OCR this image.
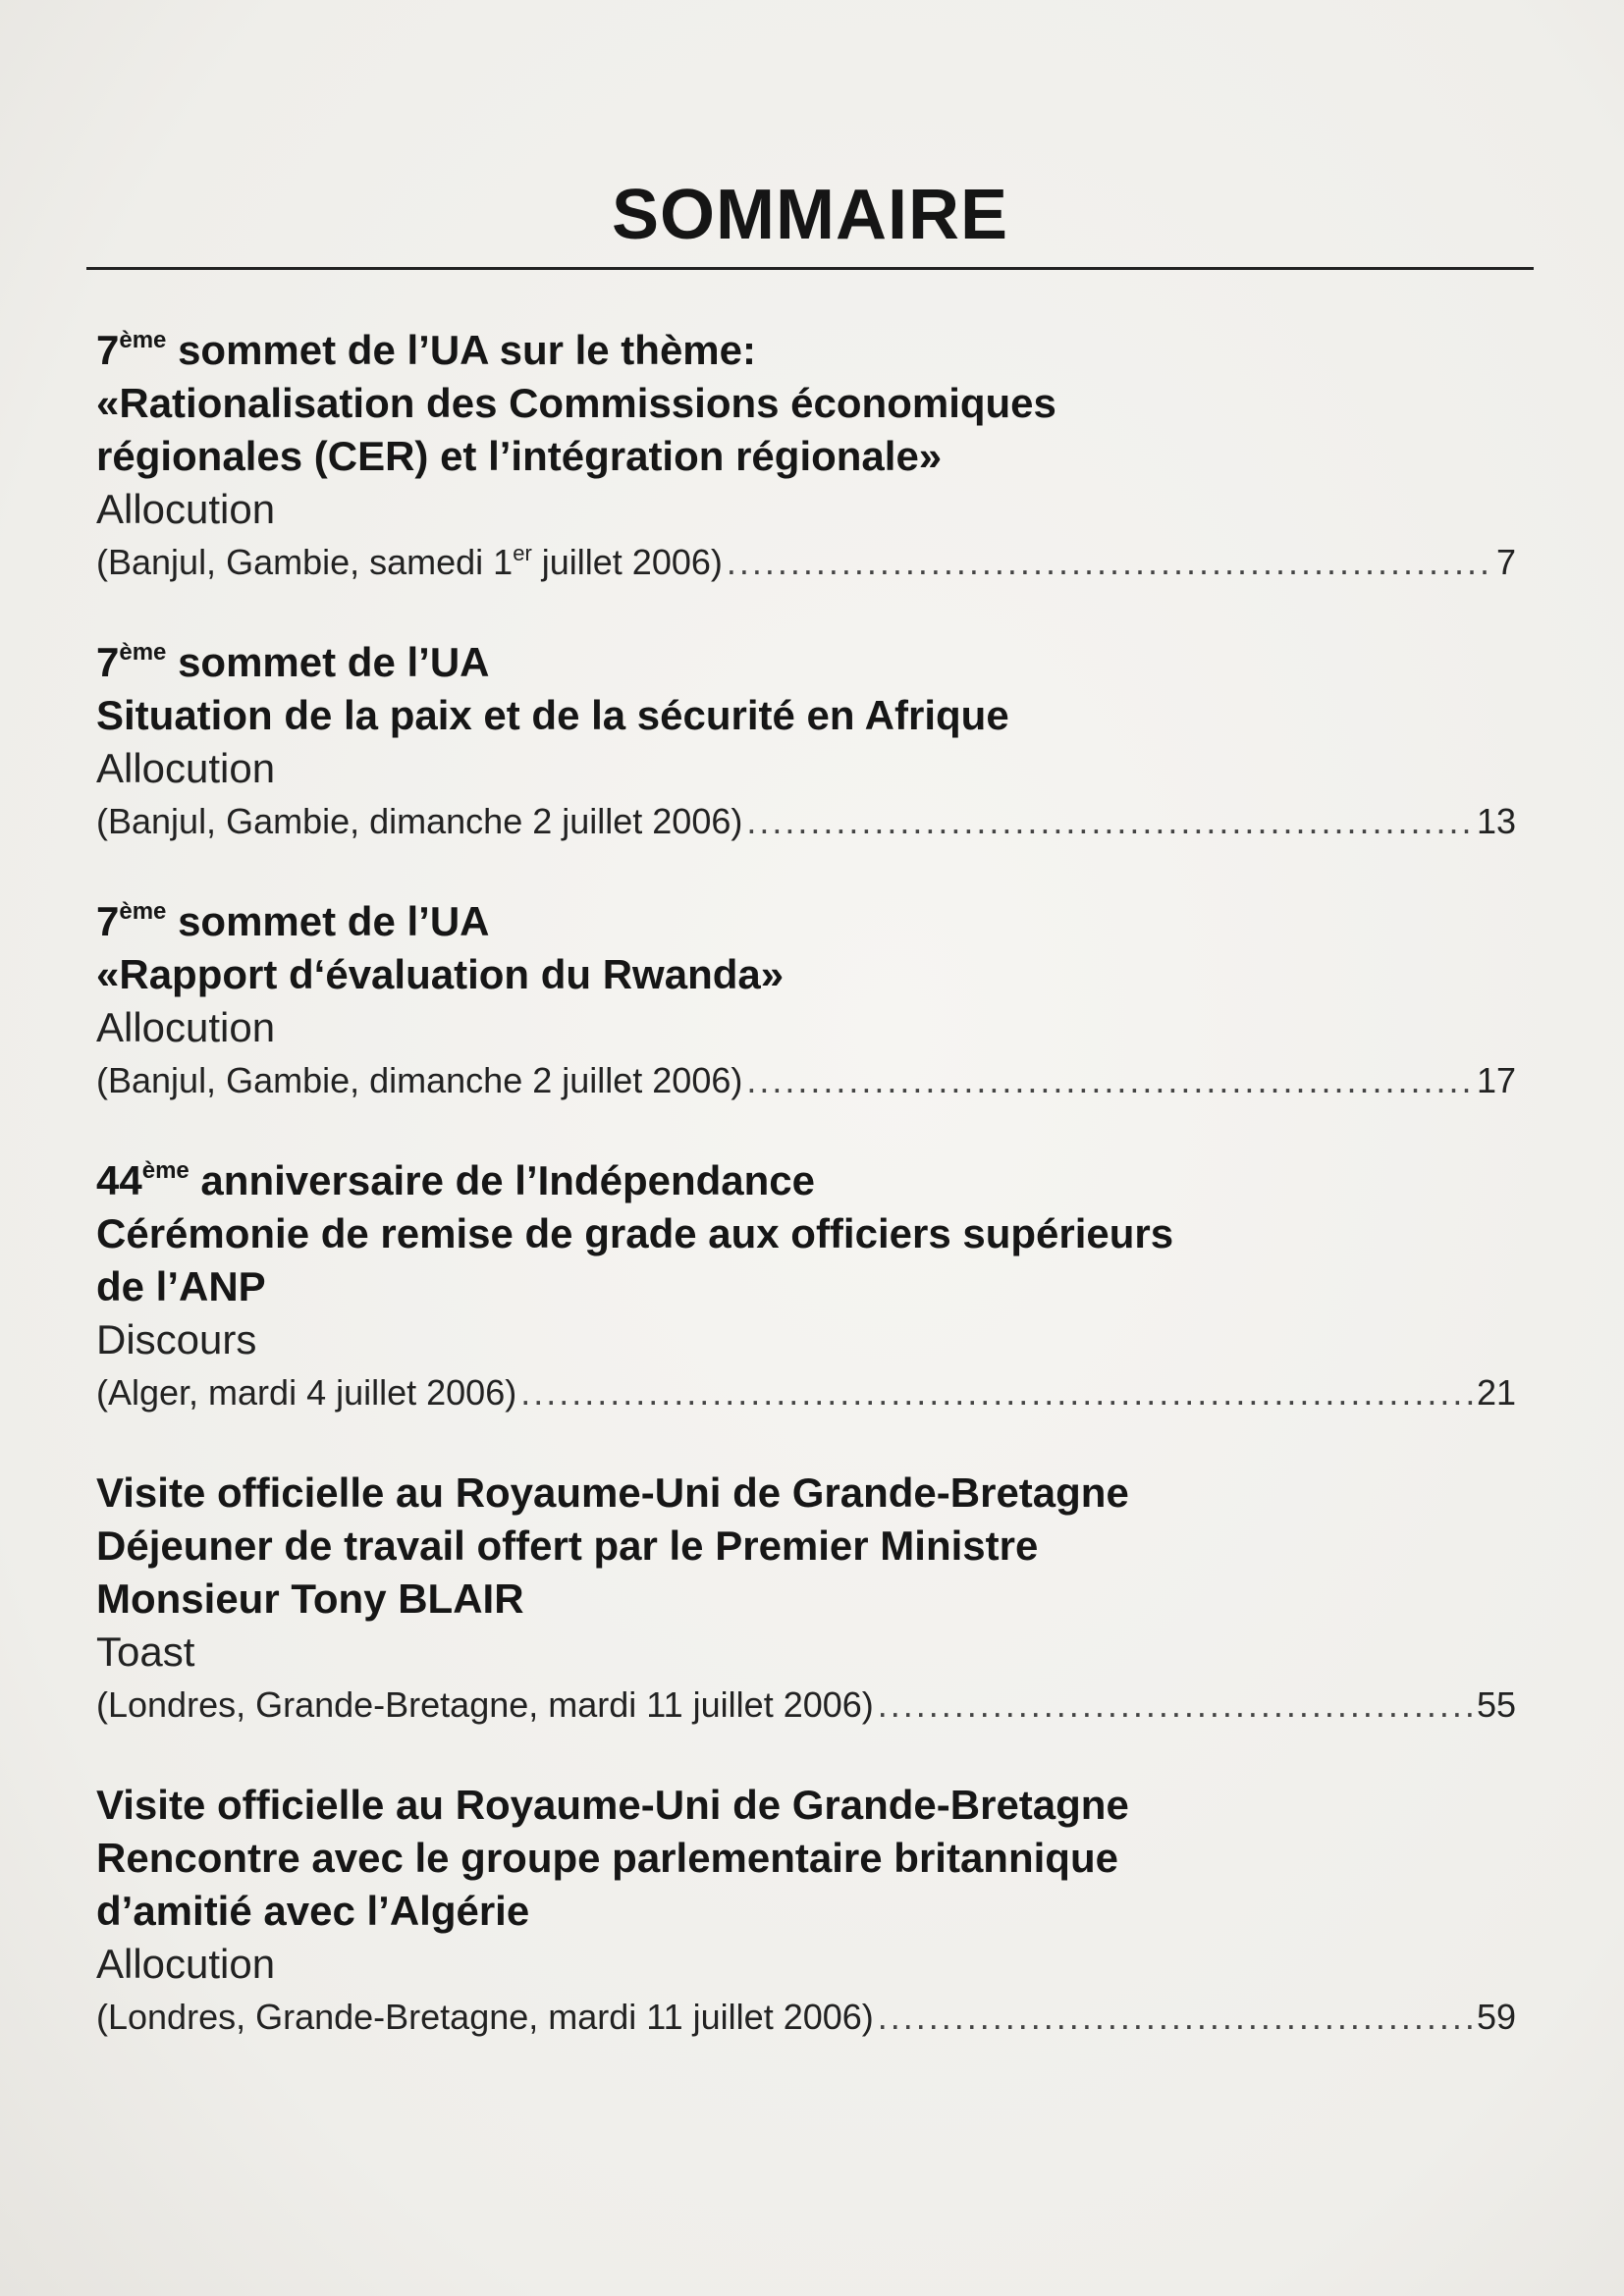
SOMMAIRE
7ème sommet de l’UA sur le thème:
«Rationalisation des Commissions économiques
régionales (CER) et l’intégration régionale»
Allocution
(Banjul, Gambie, samedi 1er juillet 2006) .....	7
7ème sommet de l’UA
Situation de la paix et de la sécurité en Afrique
Allocution
(Banjul, Gambie, dimanche 2 juillet 2006) .....	13
7ème sommet de l’UA
«Rapport d‘évaluation du Rwanda»
Allocution
(Banjul, Gambie, dimanche 2 juillet 2006) .....	17
44ème anniversaire de l’Indépendance
Cérémonie de remise de grade aux officiers supérieurs
de l’ANP
Discours
(Alger, mardi 4 juillet 2006) .....	21
Visite officielle au Royaume-Uni de Grande-Bretagne
Déjeuner de travail offert par le Premier Ministre
Monsieur Tony BLAIR
Toast
(Londres, Grande-Bretagne, mardi 11 juillet 2006) .....	55
Visite officielle au Royaume-Uni de Grande-Bretagne
Rencontre avec le groupe parlementaire britannique
d’amitié avec l’Algérie
Allocution
(Londres, Grande-Bretagne, mardi 11 juillet 2006) .....	59
